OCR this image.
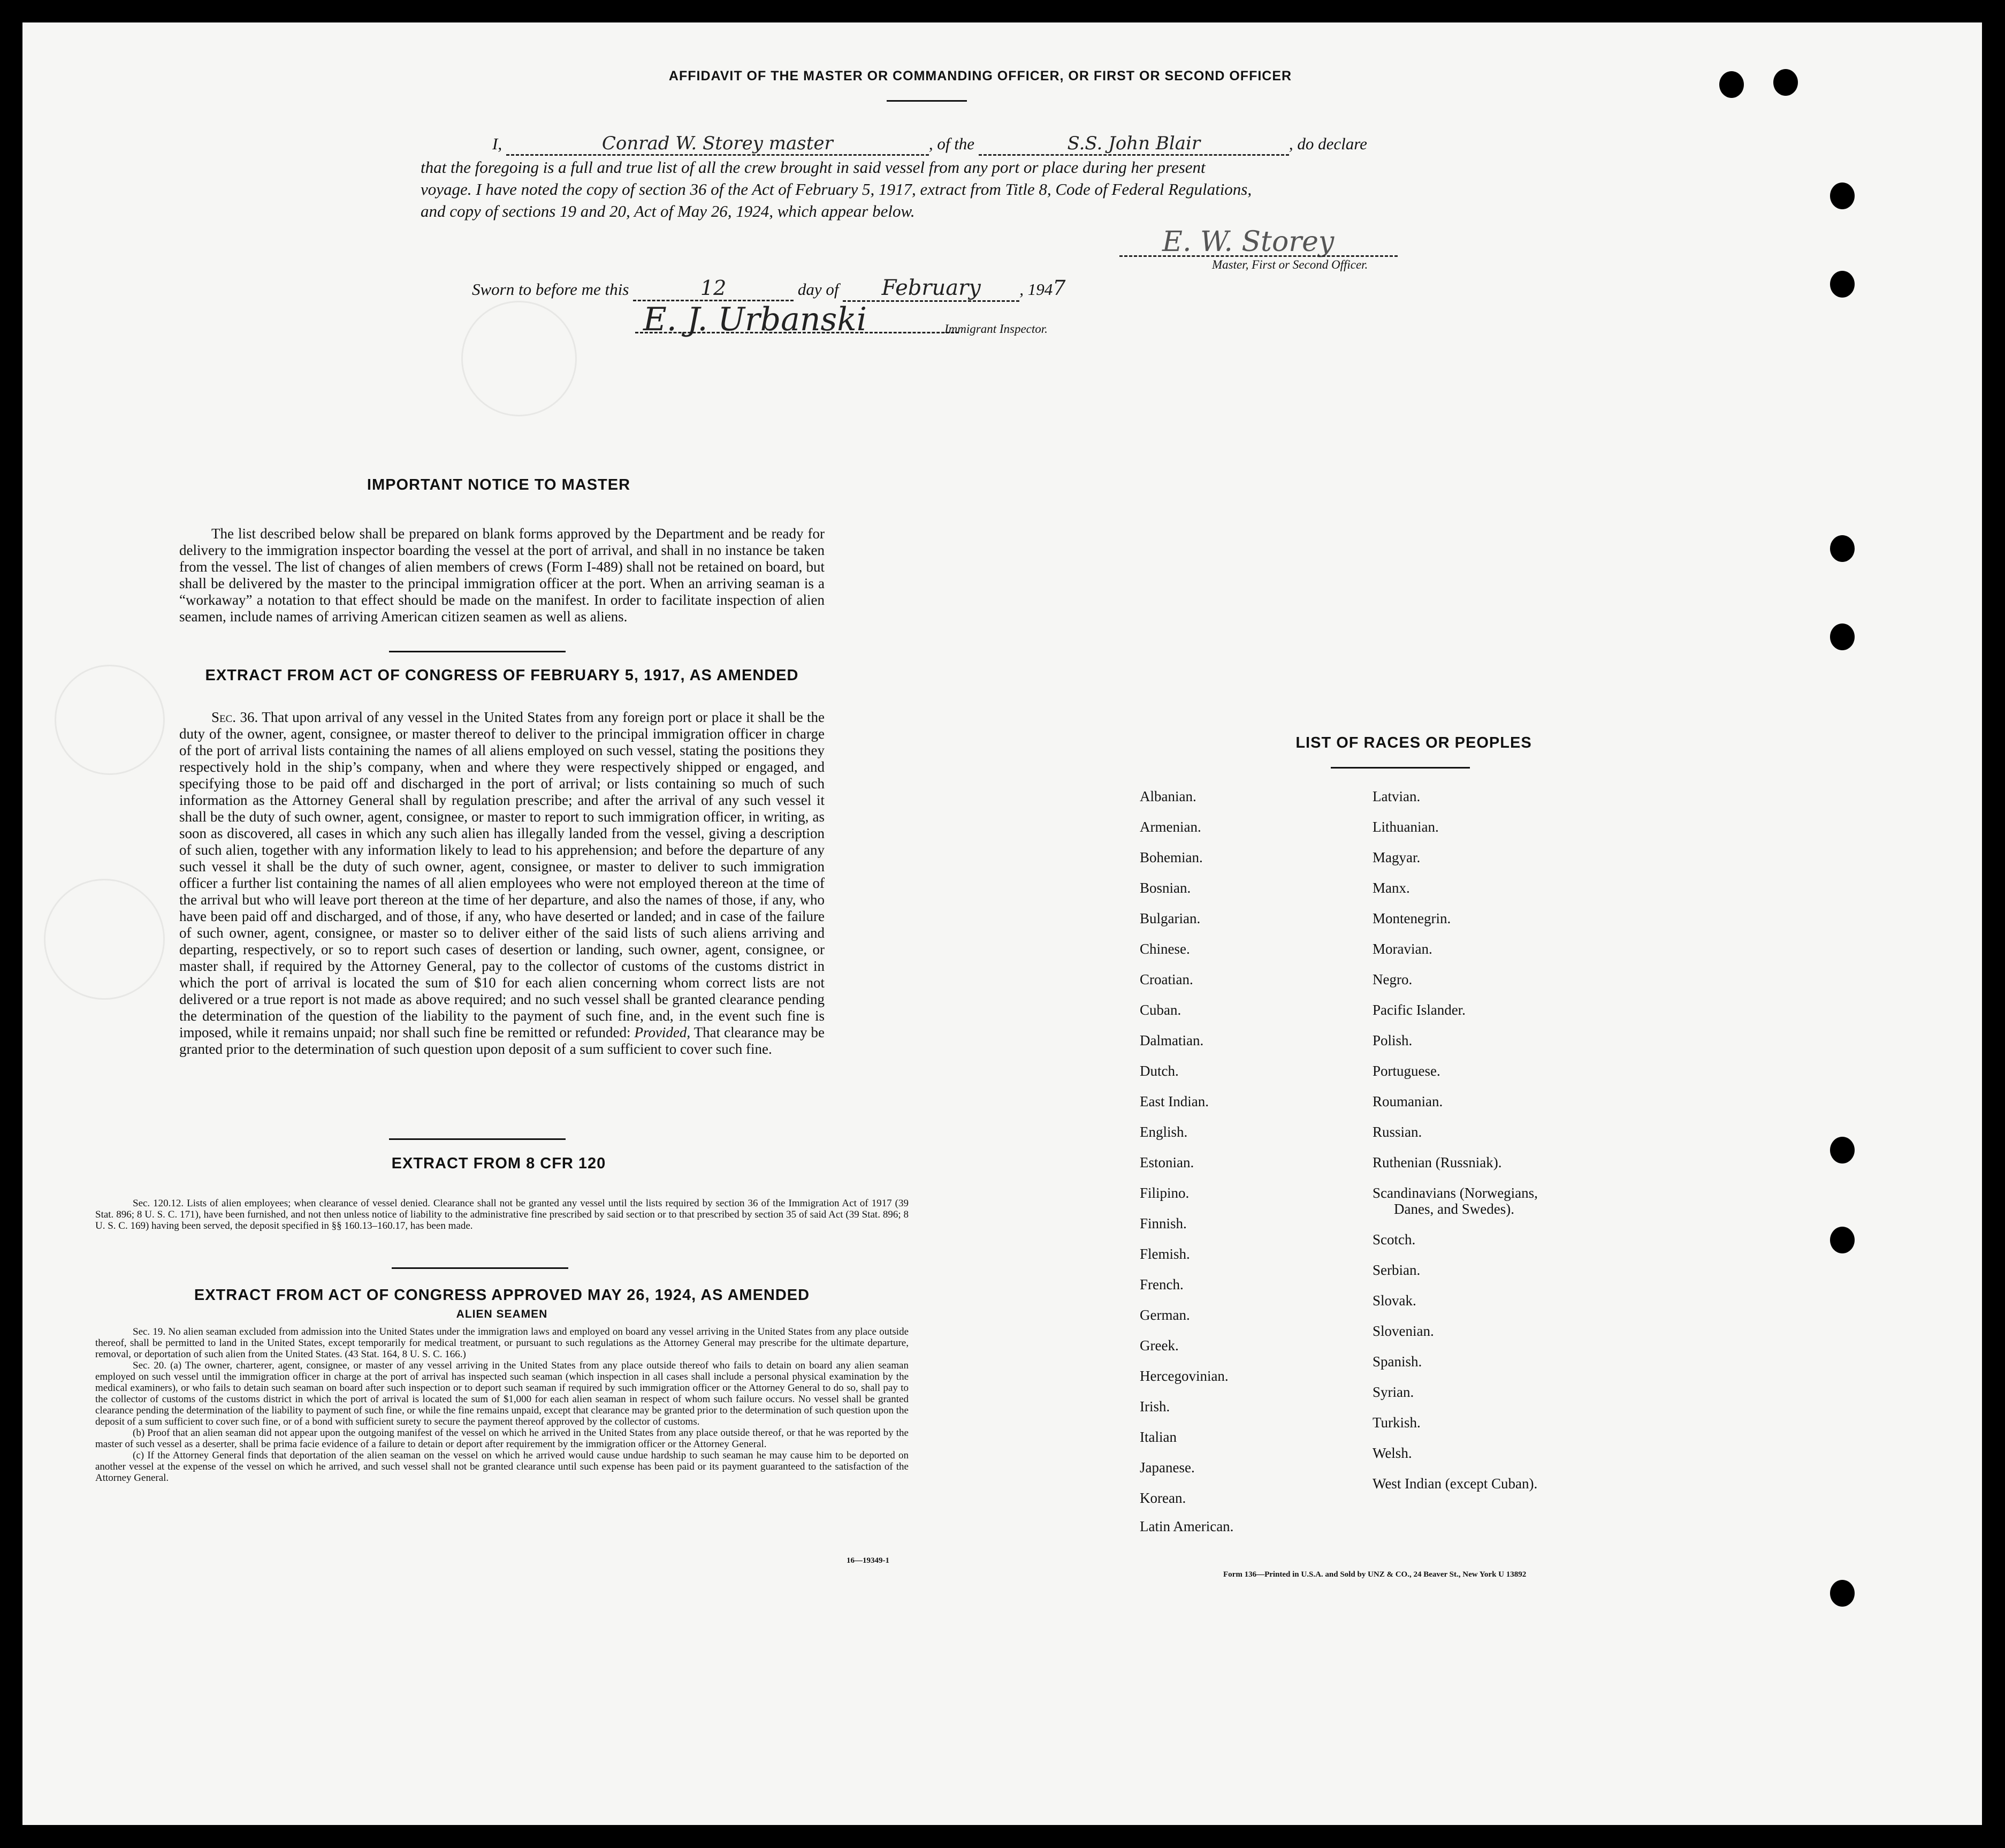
AFFIDAVIT OF THE MASTER OR COMMANDING OFFICER, OR FIRST OR SECOND OFFICER
I,	Conrad W. Storey master	, of the	S.S. John Blair	, do declare
that the foregoing is a full and true list of all the crew brought in said vessel from any port or place during her present
voyage. I have noted the copy of section 36 of the Act of February 5, 1917, extract from Title 8, Code of Federal Regulations,
and copy of sections 19 and 20, Act of May 26, 1924, which appear below.
E. W. Storey
Master, First or Second Officer.
Sworn to before me this	12	day of February , 1947
E. J. Urbanski	Immigrant Inspector.
IMPORTANT NOTICE TO MASTER

The list described below shall be prepared on blank forms approved by the Department and be ready for delivery to the immigration inspector boarding the vessel at the port of arrival, and shall in no instance be taken from the vessel. The list of changes of alien members of crews (Form I-489) shall not be retained on board, but shall be delivered by the master to the principal immigration officer at the port. When an arriving seaman is a “workaway” a notation to that effect should be made on the manifest. In order to facilitate inspection of alien seamen, include names of arriving American citizen seamen as well as aliens.

EXTRACT FROM ACT OF CONGRESS OF FEBRUARY 5, 1917, AS AMENDED

Sec. 36. That upon arrival of any vessel in the United States from any foreign port or place it shall be the duty of the owner, agent, consignee, or master thereof to deliver to the principal immigration officer in charge of the port of arrival lists containing the names of all aliens employed on such vessel, stating the positions they respectively hold in the ship’s company, when and where they were respectively shipped or engaged, and specifying those to be paid off and discharged in the port of arrival; or lists containing so much of such information as the Attorney General shall by regulation prescribe; and after the arrival of any such vessel it shall be the duty of such owner, agent, consignee, or master to report to such immigration officer, in writing, as soon as discovered, all cases in which any such alien has illegally landed from the vessel, giving a description of such alien, together with any information likely to lead to his apprehension; and before the departure of any such vessel it shall be the duty of such owner, agent, consignee, or master to deliver to such immigration officer a further list containing the names of all alien employees who were not employed thereon at the time of the arrival but who will leave port thereon at the time of her departure, and also the names of those, if any, who have been paid off and discharged, and of those, if any, who have deserted or landed; and in case of the failure of such owner, agent, consignee, or master so to deliver either of the said lists of such aliens arriving and departing, respectively, or so to report such cases of desertion or landing, such owner, agent, consignee, or master shall, if required by the Attorney General, pay to the collector of customs of the customs district in which the port of arrival is located the sum of $10 for each alien concerning whom correct lists are not delivered or a true report is not made as above required; and no such vessel shall be granted clearance pending the determination of the question of the liability to the payment of such fine, and, in the event such fine is imposed, while it remains unpaid; nor shall such fine be remitted or refunded: Provided, That clearance may be granted prior to the determination of such question upon deposit of a sum sufficient to cover such fine.

EXTRACT FROM 8 CFR 120

Sec. 120.12. Lists of alien employees; when clearance of vessel denied. Clearance shall not be granted any vessel until the lists required by section 36 of the Immigration Act of 1917 (39 Stat. 896; 8 U. S. C. 171), have been furnished, and not then unless notice of liability to the administrative fine prescribed by said section or to that prescribed by section 35 of said Act (39 Stat. 896; 8 U. S. C. 169) having been served, the deposit specified in §§ 160.13–160.17, has been made.

EXTRACT FROM ACT OF CONGRESS APPROVED MAY 26, 1924, AS AMENDED
ALIEN SEAMEN

Sec. 19. No alien seaman excluded from admission into the United States under the immigration laws and employed on board any vessel arriving in the United States from any place outside thereof, shall be permitted to land in the United States, except temporarily for medical treatment, or pursuant to such regulations as the Attorney General may prescribe for the ultimate departure, removal, or deportation of such alien from the United States. (43 Stat. 164, 8 U. S. C. 166.)

Sec. 20. (a) The owner, charterer, agent, consignee, or master of any vessel arriving in the United States from any place outside thereof who fails to detain on board any alien seaman employed on such vessel until the immigration officer in charge at the port of arrival has inspected such seaman (which inspection in all cases shall include a personal physical examination by the medical examiners), or who fails to detain such seaman on board after such inspection or to deport such seaman if required by such immigration officer or the Attorney General to do so, shall pay to the collector of customs of the customs district in which the port of arrival is located the sum of $1,000 for each alien seaman in respect of whom such failure occurs. No vessel shall be granted clearance pending the determination of the liability to payment of such fine, or while the fine remains unpaid, except that clearance may be granted prior to the determination of such question upon the deposit of a sum sufficient to cover such fine, or of a bond with sufficient surety to secure the payment thereof approved by the collector of customs.

(b) Proof that an alien seaman did not appear upon the outgoing manifest of the vessel on which he arrived in the United States from any place outside thereof, or that he was reported by the master of such vessel as a deserter, shall be prima facie evidence of a failure to detain or deport after requirement by the immigration officer or the Attorney General.

(c) If the Attorney General finds that deportation of the alien seaman on the vessel on which he arrived would cause undue hardship to such seaman he may cause him to be deported on another vessel at the expense of the vessel on which he arrived, and such vessel shall not be granted clearance until such expense has been paid or its payment guaranteed to the satisfaction of the Attorney General.

16—19349-1
LIST OF RACES OR PEOPLES
Albanian.
Armenian.
Bohemian.
Bosnian.
Bulgarian.
Chinese.
Croatian.
Cuban.
Dalmatian.
Dutch.
East Indian.
English.
Estonian.
Filipino.
Finnish.
Flemish.
French.
German.
Greek.
Hercegovinian.
Irish.
Italian
Japanese.
Korean.
Latin American.
Latvian.
Lithuanian.
Magyar.
Manx.
Montenegrin.
Moravian.
Negro.
Pacific Islander.
Polish.
Portuguese.
Roumanian.
Russian.
Ruthenian (Russniak).
Scandinavians (Norwegians,
Danes, and Swedes).
Scotch.
Serbian.
Slovak.
Slovenian.
Spanish.
Syrian.
Turkish.
Welsh.
West Indian (except Cuban).
Form 136—Printed in U.S.A. and Sold by UNZ & CO., 24 Beaver St., New York U 13892
